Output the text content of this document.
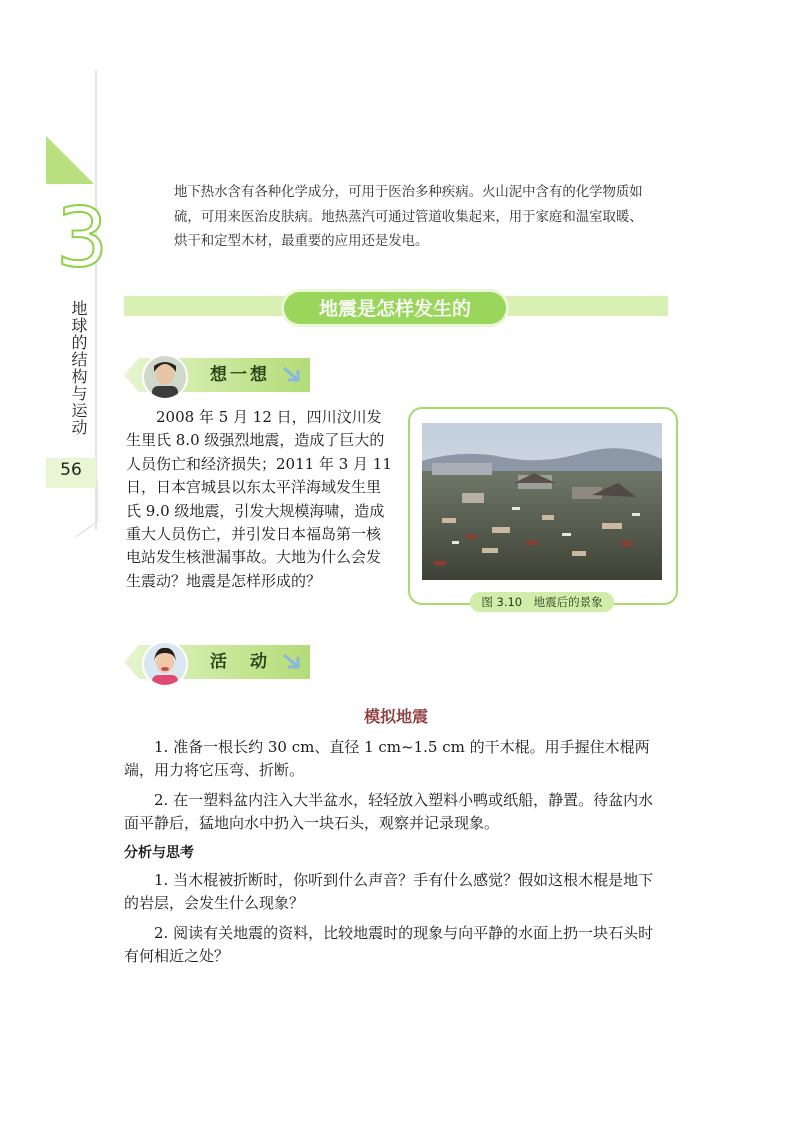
3
地球的结构与运动
56
地下热水含有各种化学成分，可用于医治多种疾病。火山泥中含有的化学物质如硫，可用来医治皮肤病。地热蒸汽可通过管道收集起来，用于家庭和温室取暖、烘干和定型木材，最重要的应用还是发电。
地震是怎样发生的
想一想
2008 年 5 月 12 日，四川汶川发生里氏 8.0 级强烈地震，造成了巨大的人员伤亡和经济损失；2011 年 3 月 11 日，日本宫城县以东太平洋海域发生里氏 9.0 级地震，引发大规模海啸，造成重大人员伤亡，并引发日本福岛第一核电站发生核泄漏事故。大地为什么会发生震动？地震是怎样形成的？
图 3.10　地震后的景象
活　动
模拟地震

1. 准备一根长约 30 cm、直径 1 cm~1.5 cm 的干木棍。用手握住木棍两端，用力将它压弯、折断。

2. 在一塑料盆内注入大半盆水，轻轻放入塑料小鸭或纸船，静置。待盆内水面平静后，猛地向水中扔入一块石头，观察并记录现象。

分析与思考

1. 当木棍被折断时，你听到什么声音？手有什么感觉？假如这根木棍是地下的岩层，会发生什么现象？

2. 阅读有关地震的资料，比较地震时的现象与向平静的水面上扔一块石头时有何相近之处？
